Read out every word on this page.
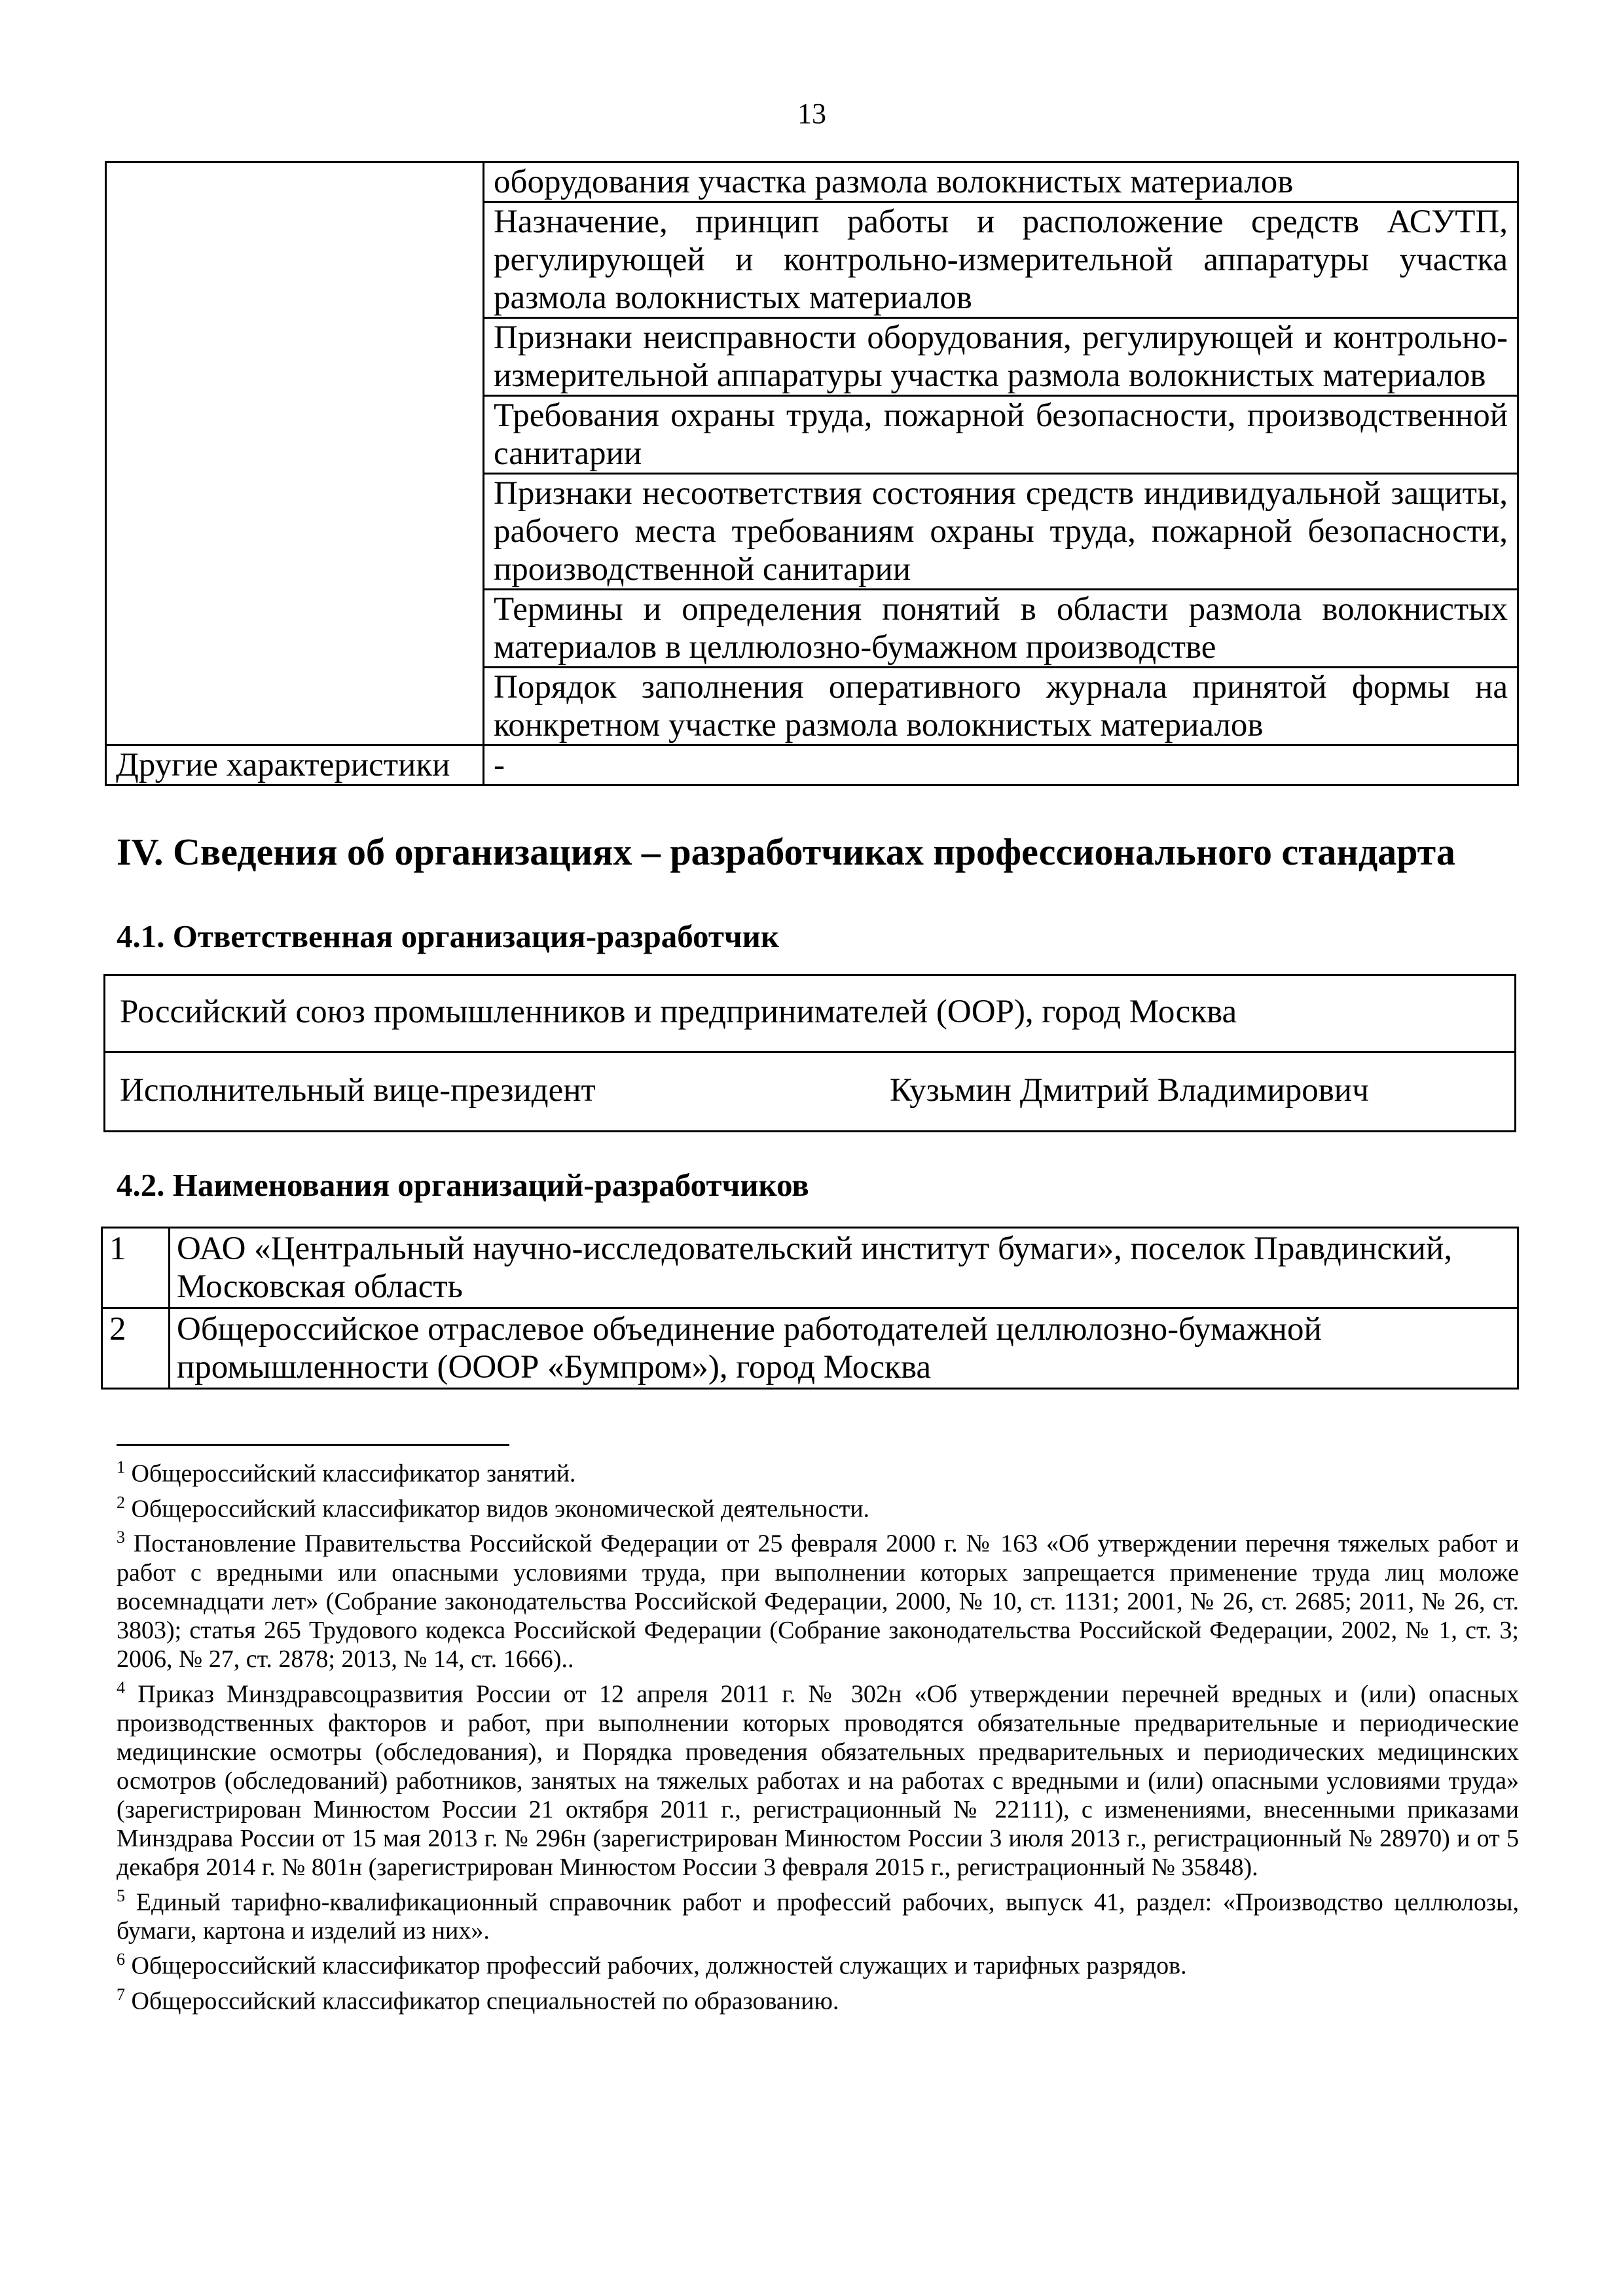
13
	оборудования участка размола волокнистых материалов
	Назначение, принцип работы и расположение средств АСУТП, регулирующей и контрольно-измерительной аппаратуры участка размола волокнистых материалов
	Признаки неисправности оборудования, регулирующей и контрольно-измерительной аппаратуры участка размола волокнистых материалов
	Требования охраны труда, пожарной безопасности, производственной санитарии
	Признаки несоответствия состояния средств индивидуальной защиты, рабочего места требованиям охраны труда, пожарной безопасности, производственной санитарии
	Термины и определения понятий в области размола волокнистых материалов в целлюлозно-бумажном производстве
	Порядок заполнения оперативного журнала принятой формы на конкретном участке размола волокнистых материалов
Другие характеристики	-
IV. Сведения об организациях – разработчиках профессионального стандарта
4.1. Ответственная организация-разработчик
Российский союз промышленников и предпринимателей (ООР), город Москва
Исполнительный вице-президент	Кузьмин Дмитрий Владимирович
4.2. Наименования организаций-разработчиков
1	ОАО «Центральный научно-исследовательский институт бумаги», поселок Правдинский, Московская область
2	Общероссийское отраслевое объединение работодателей целлюлозно-бумажной промышленности (ОООР «Бумпром»), город Москва

$^1$ Общероссийский классификатор занятий.

$^2$ Общероссийский классификатор видов экономической деятельности.

$^3$ Постановление Правительства Российской Федерации от 25 февраля 2000 г. № 163 «Об утверждении перечня тяжелых работ и работ с вредными или опасными условиями труда, при выполнении которых запрещается применение труда лиц моложе восемнадцати лет» (Собрание законодательства Российской Федерации, 2000, № 10, ст. 1131; 2001, № 26, ст. 2685; 2011, № 26, ст. 3803); статья 265 Трудового кодекса Российской Федерации (Собрание законодательства Российской Федерации, 2002, № 1, ст. 3; 2006, № 27, ст. 2878; 2013, № 14, ст. 1666)..

$^4$ Приказ Минздравсоцразвития России от 12 апреля 2011 г. № 302н «Об утверждении перечней вредных и (или) опасных производственных факторов и работ, при выполнении которых проводятся обязательные предварительные и периодические медицинские осмотры (обследования), и Порядка проведения обязательных предварительных и периодических медицинских осмотров (обследований) работников, занятых на тяжелых работах и на работах с вредными и (или) опасными условиями труда» (зарегистрирован Минюстом России 21 октября 2011 г., регистрационный № 22111), с изменениями, внесенными приказами Минздрава России от 15 мая 2013 г. № 296н (зарегистрирован Минюстом России 3 июля 2013 г., регистрационный № 28970) и от 5 декабря 2014 г. № 801н (зарегистрирован Минюстом России 3 февраля 2015 г., регистрационный № 35848).

$^5$ Единый тарифно-квалификационный справочник работ и профессий рабочих, выпуск 41, раздел: «Производство целлюлозы, бумаги, картона и изделий из них».

$^6$ Общероссийский классификатор профессий рабочих, должностей служащих и тарифных разрядов.

$^7$ Общероссийский классификатор специальностей по образованию.
